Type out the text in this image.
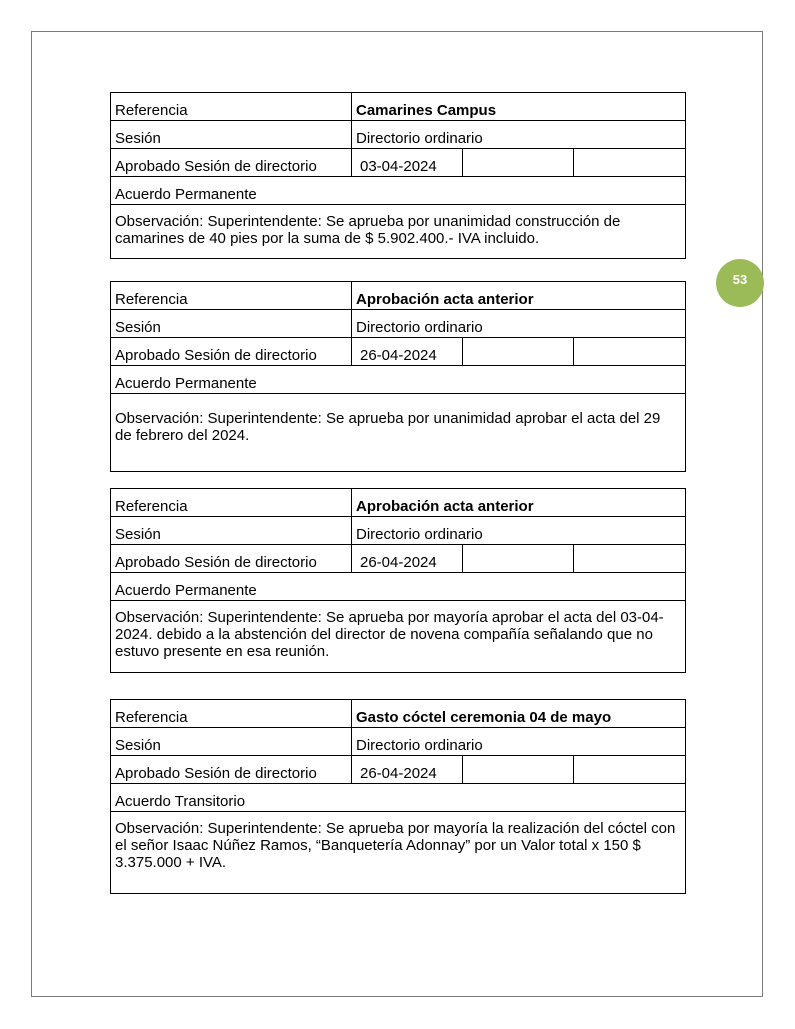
53
Referencia	Camarines Campus		
Sesión	Directorio ordinario		
Aprobado Sesión de directorio	03-04-2024		
Acuerdo Permanente			
Observación: Superintendente: Se aprueba por unanimidad construcción de camarines de 40 pies por la suma de $ 5.902.400.- IVA incluido.			
Referencia	Aprobación acta anterior		
Sesión	Directorio ordinario		
Aprobado Sesión de directorio	26-04-2024		
Acuerdo Permanente			
Observación: Superintendente: Se aprueba por unanimidad aprobar el acta del 29 de febrero del 2024.			
Referencia	Aprobación acta anterior		
Sesión	Directorio ordinario		
Aprobado Sesión de directorio	26-04-2024		
Acuerdo Permanente			
Observación: Superintendente: Se aprueba por mayoría aprobar el acta del 03-04-2024. debido a la abstención del director de novena compañía señalando que no estuvo presente en esa reunión.			
Referencia	Gasto cóctel ceremonia 04 de mayo		
Sesión	Directorio ordinario		
Aprobado Sesión de directorio	26-04-2024		
Acuerdo Transitorio			
Observación: Superintendente: Se aprueba por mayoría la realización del cóctel con el señor Isaac Núñez Ramos, “Banquetería Adonnay” por un Valor total x 150 $ 3.375.000 + IVA.			
